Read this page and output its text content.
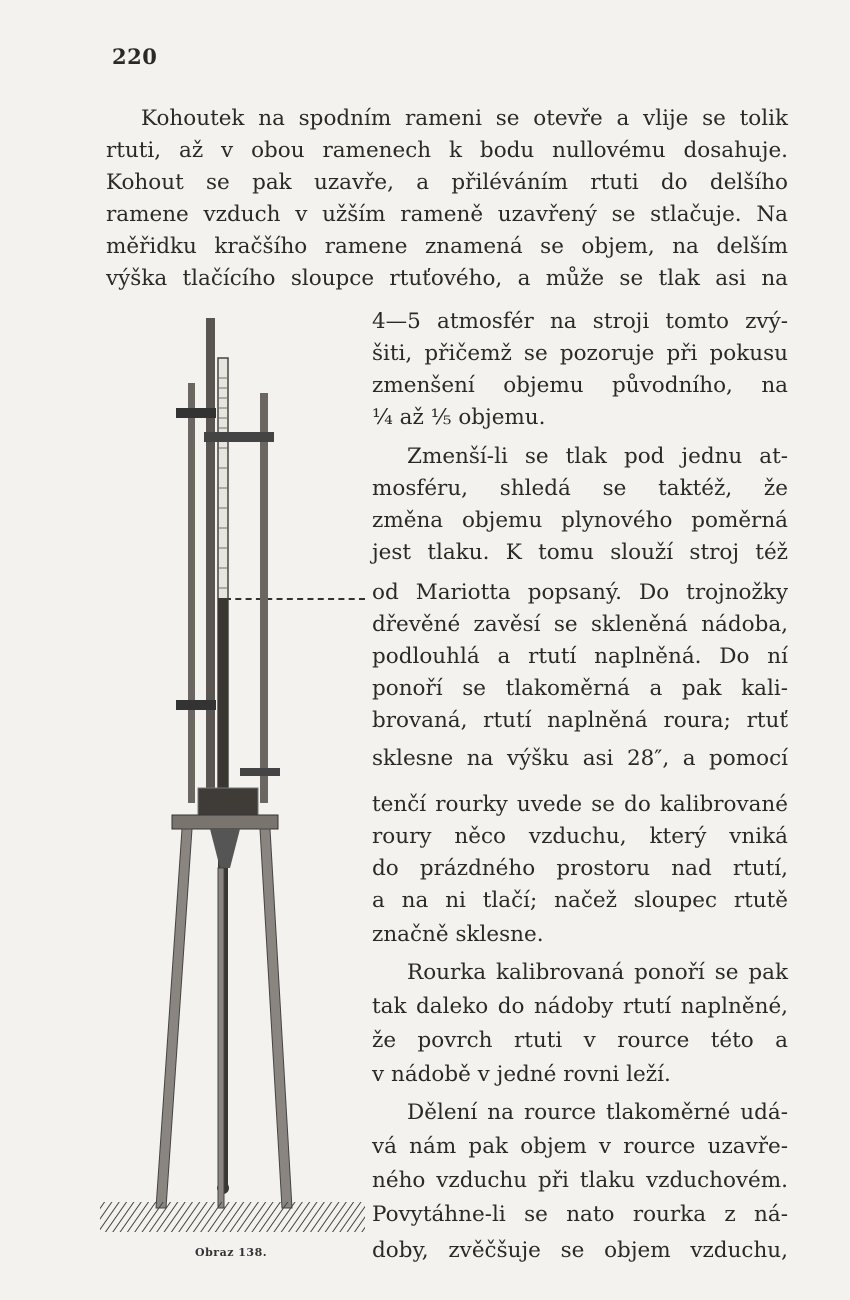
220
Kohoutek na spodním rameni se otevře a vlije se tolik
rtuti, až v obou ramenech k bodu nullovému dosahuje.
Kohout se pak uzavře, a přiléváním rtuti do delšího
ramene vzduch v užším rameně uzavřený se stlačuje. Na
měřidku kračšího ramene znamená se objem, na delším
výška tlačícího sloupce rtuťového, a může se tlak asi na
4—5 atmosfér na stroji tomto zvý-
šiti, přičemž se pozoruje při pokusu
zmenšení objemu původního, na
¼ až ⅕ objemu.
Zmenší-li se tlak pod jednu at-
mosféru, shledá se taktéž, že
změna objemu plynového poměrná
jest tlaku. K tomu slouží stroj též
od Mariotta popsaný. Do trojnožky
dřevěné zavěsí se skleněná nádoba,
podlouhlá a rtutí naplněná. Do ní
ponoří se tlakoměrná a pak kali-
brovaná, rtutí naplněná roura; rtuť
sklesne na výšku asi 28″, a pomocí
tenčí rourky uvede se do kalibrované
roury něco vzduchu, který vniká
do prázdného prostoru nad rtutí,
a na ni tlačí; načež sloupec rtutě
značně sklesne.
Rourka kalibrovaná ponoří se pak
tak daleko do nádoby rtutí naplněné,
že povrch rtuti v rource této a
v nádobě v jedné rovni leží.
Dělení na rource tlakoměrné udá-
vá nám pak objem v rource uzavře-
ného vzduchu při tlaku vzduchovém.
Povytáhne-li se nato rourka z ná-
doby, zvěčšuje se objem vzduchu,
Obraz 138.
